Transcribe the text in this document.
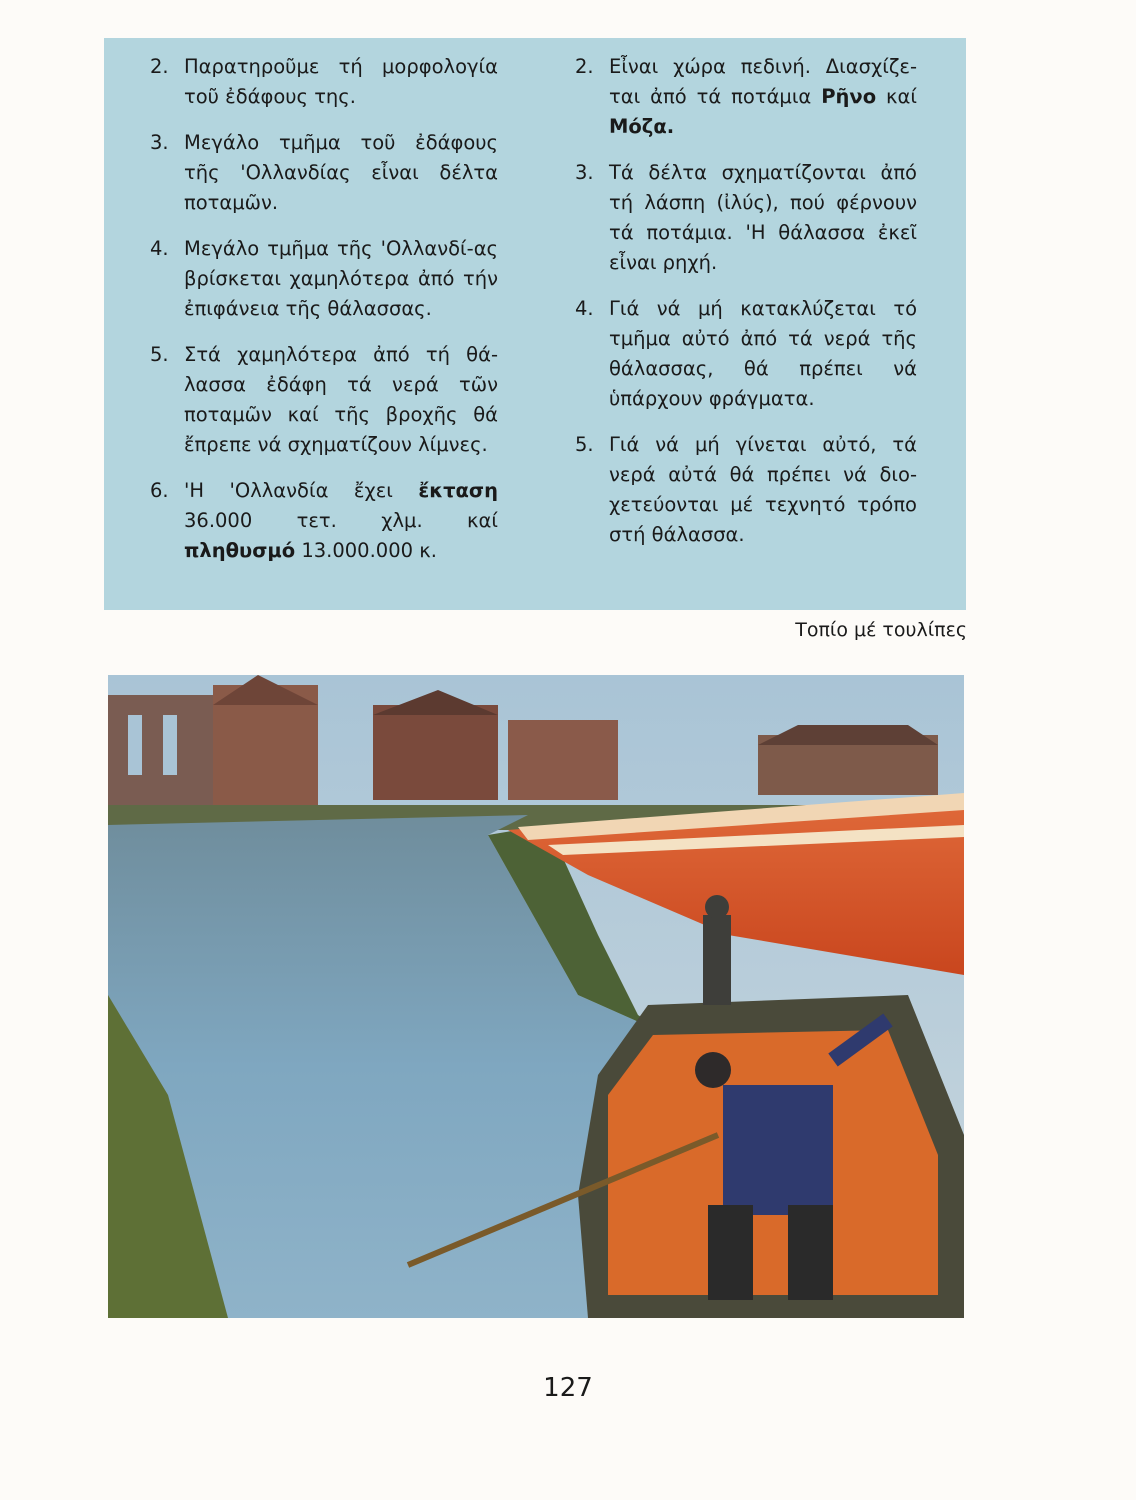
2. Παρατηροῦμε τή μορφολογία τοῦ ἐδάφους της.
3. Μεγάλο τμῆμα τοῦ ἐδάφους τῆς 'Ολλανδίας εἶναι δέλτα ποταμῶν.
4. Μεγάλο τμῆμα τῆς 'Ολλανδί-ας βρίσκεται χαμηλότερα ἀπό τήν ἐπιφάνεια τῆς θάλασσας.
5. Στά χαμηλότερα ἀπό τή θά-λασσα ἐδάφη τά νερά τῶν ποταμῶν καί τῆς βροχῆς θά ἔπρεπε νά σχηματίζουν λίμνες.
6. 'Η 'Ολλανδία ἔχει ἔκταση 36.000 τετ. χλμ. καί πληθυσμό 13.000.000 κ.
2. Εἶναι χώρα πεδινή. Διασχίζε-ται ἀπό τά ποτάμια Ρῆνο καί Μόζα.
3. Τά δέλτα σχηματίζονται ἀπό τή λάσπη (ἰλύς), πού φέρνουν τά ποτάμια. 'Η θάλασσα ἐκεῖ εἶναι ρηχή.
4. Γιά νά μή κατακλύζεται τό τμῆμα αὐτό ἀπό τά νερά τῆς θάλασσας, θά πρέπει νά ὑπάρχουν φράγματα.
5. Γιά νά μή γίνεται αὐτό, τά νερά αὐτά θά πρέπει νά διο-χετεύονται μέ τεχνητό τρόπο στή θάλασσα.
Τοπίο μέ τουλίπες
127
